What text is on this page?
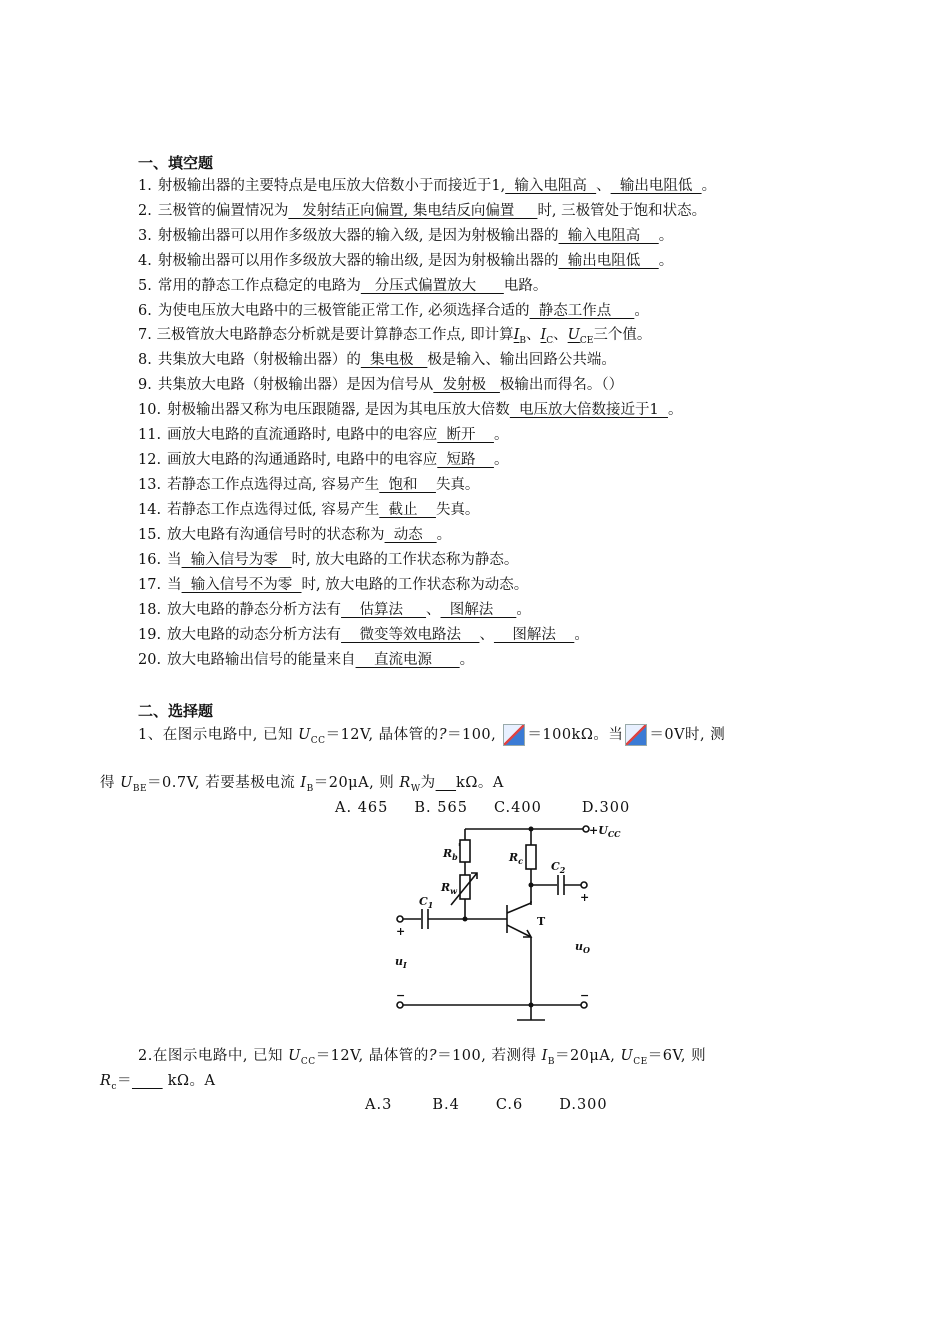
一、填空题
1. 射极输出器的主要特点是电压放大倍数小于而接近于1,  输入电阻高  、  输出电阻低  。
2. 三极管的偏置情况为   发射结正向偏置, 集电结反向偏置     时, 三极管处于饱和状态。
3. 射极输出器可以用作多级放大器的输入级, 是因为射极输出器的  输入电阻高    。
4. 射极输出器可以用作多级放大器的输出级, 是因为射极输出器的  输出电阻低    。
5. 常用的静态工作点稳定的电路为   分压式偏置放大      电路。
6. 为使电压放大电路中的三极管能正常工作, 必须选择合适的  静态工作点     。
8. 共集放大电路（射极输出器）的  集电极   极是输入、输出回路公共端。
9. 共集放大电路（射极输出器）是因为信号从  发射极   极输出而得名。（）
10. 射极输出器又称为电压跟随器, 是因为其电压放大倍数  电压放大倍数接近于1  。
11. 画放大电路的直流通路时, 电路中的电容应  断开    。
12. 画放大电路的沟通通路时, 电路中的电容应  短路    。
13. 若静态工作点选得过高, 容易产生  饱和    失真。
14. 若静态工作点选得过低, 容易产生  截止    失真。
15. 放大电路有沟通信号时的状态称为  动态   。
16. 当  输入信号为零   时, 放大电路的工作状态称为静态。
17. 当  输入信号不为零  时, 放大电路的工作状态称为动态。
18. 放大电路的静态分析方法有    估算法     、  图解法     。
19. 放大电路的动态分析方法有    微变等效电路法    、    图解法    。
20. 放大电路输出信号的能量来自    直流电源      。
7. 三极管放大电路静态分析就是要计算静态工作点, 即计算$I_B$、$I_C$、$U_{CE}$三个值。
二、选择题
1、在图示电路中, 已知 $U_{CC}=12V$, 晶体管的?＝100, ＝100kΩ。当 ＝0V时, 测
得 $U_{BE}=0.7V$, 若要基极电流 $I_B=20\mu A$, 则 $R_W$为 kΩ。A
A. 465 B. 565 C.400	D.300
$+U_{CC}$
$R_b'$
$R_w$
$R_c$
$C_1$
$C_2$
T
$u_I$
$u_O$
+
+
−	−
2.在图示电路中, 已知 $U_{CC}=12V$, 晶体管的?＝100, 若测得 $I_B=20\mu A$, $U_{CE}=6V$, 则
$R_c=$       kΩ。A
A.3	B.4 C.6 D.300
